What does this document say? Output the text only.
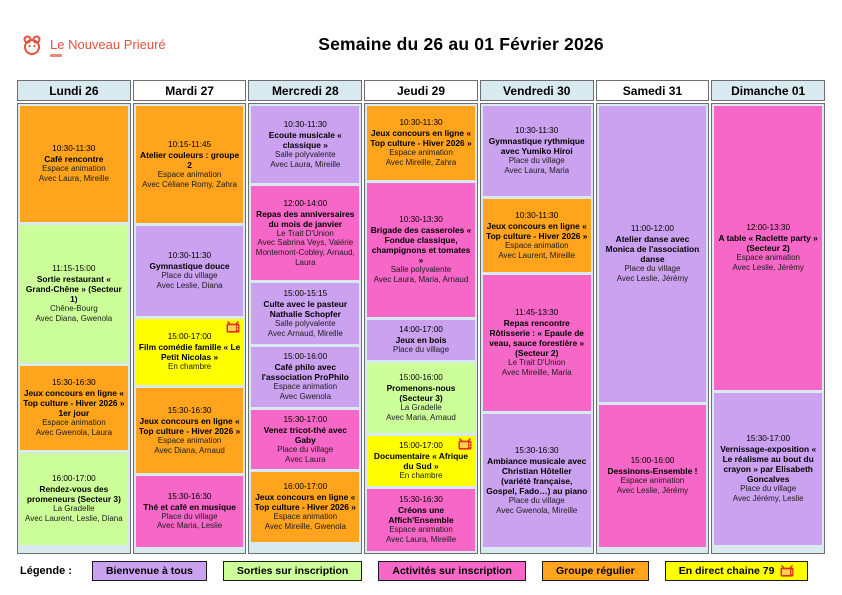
Le Nouveau Prieuré	Semaine du 26 au 01 Février 2026
Lundi 26
10:30-11:30
Café rencontre
Espace animation
Avec Laura, Mireille
11:15-15:00
Sortie restaurant « Grand-Chêne » (Secteur 1)
Chêne-Bourg
Avec Diana, Gwenola
15:30-16:30
Jeux concours en ligne « Top culture - Hiver 2026 » 1er jour
Espace animation
Avec Gwenola, Laura
16:00-17:00
Rendez-vous des promeneurs (Secteur 3)
La Gradelle
Avec Laurent, Leslie, Diana
Mardi 27
10:15-11:45
Atelier couleurs : groupe 2
Espace animation
Avec Céliane Romy, Zahra
10:30-11:30
Gymnastique douce
Place du village
Avec Leslie, Diana
15:00-17:00
Film comédie famille « Le Petit Nicolas »
En chambre
15:30-16:30
Jeux concours en ligne « Top culture - Hiver 2026 »
Espace animation
Avec Diana, Arnaud
15:30-16:30
Thé et café en musique
Place du village
Avec Maria, Leslie
Mercredi 28
10:30-11:30
Ecoute musicale « classique »
Salle polyvalente
Avec Laura, Mireille
12:00-14:00
Repas des anniversaires du mois de janvier
Le Trait D'Union
Avec Sabrina Veys, Valérie Montemont-Cobley, Arnaud, Laura
15:00-15:15
Culte avec le pasteur Nathalie Schopfer
Salle polyvalente
Avec Arnaud, Mireille
15:00-16:00
Café philo avec l'association ProPhilo
Espace animation
Avec Gwenola
15:30-17:00
Venez tricot-thé avec Gaby
Place du village
Avec Laura
16:00-17:00
Jeux concours en ligne « Top culture - Hiver 2026 »
Espace animation
Avec Mireille, Gwenola
Jeudi 29
10:30-11:30
Jeux concours en ligne « Top culture - Hiver 2026 »
Espace animation
Avec Mireille, Zahra
10:30-13:30
Brigade des casseroles « Fondue classique, champignons et tomates »
Salle polyvalente
Avec Laura, Maria, Arnaud
14:00-17:00
Jeux en bois
Place du village
15:00-16:00
Promenons-nous (Secteur 3)
La Gradelle
Avec Maria, Arnaud
15:00-17:00
Documentaire « Afrique du Sud »
En chambre
15:30-16:30
Créons une Affich'Ensemble
Espace animation
Avec Laura, Mireille
Vendredi 30
10:30-11:30
Gymnastique rythmique avec Yumiko Hiroi
Place du village
Avec Laura, Maria
10:30-11:30
Jeux concours en ligne « Top culture - Hiver 2026 »
Espace animation
Avec Laurent, Mireille
11:45-13:30
Repas rencontre Rôtisserie : « Epaule de veau, sauce forestière » (Secteur 2)
Le Trait D'Union
Avec Mireille, Maria
15:30-16:30
Ambiance musicale avec Christian Hôtelier (variété française, Gospel, Fado…) au piano
Place du village
Avec Gwenola, Mireille
Samedi 31
11:00-12:00
Atelier danse avec Monica de l'association danse
Place du village
Avec Leslie, Jérémy
15:00-16:00
Dessinons-Ensemble !
Espace animation
Avec Leslie, Jérémy
Dimanche 01
12:00-13:30
A table « Raclette party » (Secteur 2)
Espace animation
Avec Leslie, Jérémy
15:30-17:00
Vernissage-exposition « Le réalisme au bout du crayon » par Elisabeth Goncalves
Place du village
Avec Jérémy, Leslie
Légende :	Bienvenue à tous	Sorties sur inscription	Activités sur inscription	Groupe régulier	En direct chaine 79
